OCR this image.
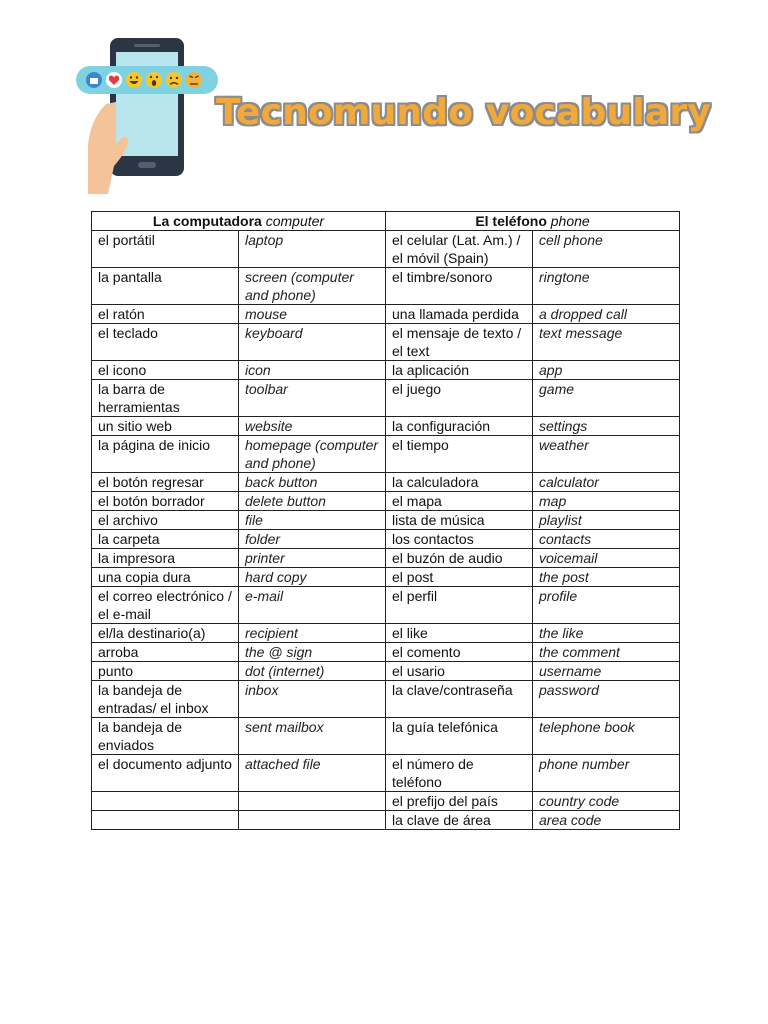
Tecnomundo vocabulary
La computadora computer		El teléfono phone	
el portátil	laptop	el celular (Lat. Am.) / el móvil (Spain)	cell phone
la pantalla	screen (computer and phone)	el timbre/sonoro	ringtone
el ratón	mouse	una llamada perdida	a dropped call
el teclado	keyboard	el mensaje de texto / el text	text message
el icono	icon	la aplicación	app
la barra de herramientas	toolbar	el juego	game
un sitio web	website	la configuración	settings
la página de inicio	homepage (computer and phone)	el tiempo	weather
el botón regresar	back button	la calculadora	calculator
el botón borrador	delete button	el mapa	map
el archivo	file	lista de música	playlist
la carpeta	folder	los contactos	contacts
la impresora	printer	el buzón de audio	voicemail
una copia dura	hard copy	el post	the post
el correo electrónico / el e-mail	e-mail	el perfil	profile
el/la destinario(a)	recipient	el like	the like
arroba	the @ sign	el comento	the comment
punto	dot (internet)	el usario	username
la bandeja de entradas/ el inbox	inbox	la clave/contraseña	password
la bandeja de enviados	sent mailbox	la guía telefónica	telephone book
el documento adjunto	attached file	el número de teléfono	phone number
		el prefijo del país	country code
		la clave de área	area code
